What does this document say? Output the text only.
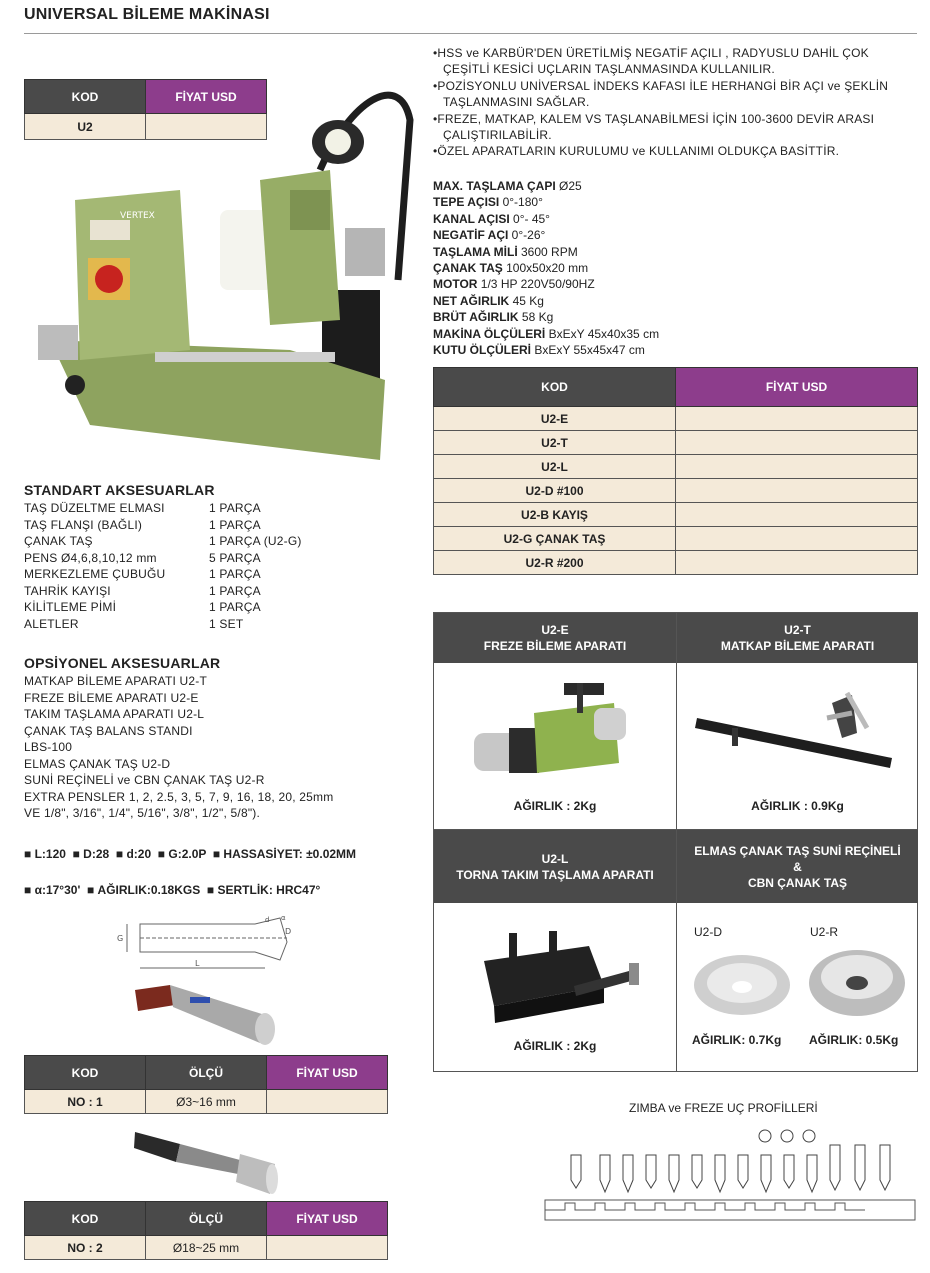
UNIVERSAL BİLEME MAKİNASI
KOD	FİYAT USD
U2	
VERTEX
•HSS ve KARBÜR'DEN ÜRETİLMİŞ NEGATİF AÇILI , RADYUSLU DAHİL ÇOK ÇEŞİTLİ KESİCİ UÇLARIN TAŞLANMASINDA KULLANILIR.
•POZİSYONLU UNİVERSAL İNDEKS KAFASI İLE HERHANGİ BİR AÇI ve ŞEKLİN TAŞLANMASINI SAĞLAR.
•FREZE, MATKAP, KALEM VS TAŞLANABİLMESİ İÇİN 100-3600 DEVİR ARASI ÇALIŞTIRILABİLİR.
•ÖZEL APARATLARIN KURULUMU ve KULLANIMI OLDUKÇA BASİTTİR.
MAX. TAŞLAMA ÇAPI Ø25
TEPE AÇISI 0°-180°
KANAL AÇISI 0°- 45°
NEGATİF AÇI 0°-26°
TAŞLAMA MİLİ 3600 RPM
ÇANAK TAŞ 100x50x20 mm
MOTOR 1/3 HP 220V50/90HZ
NET AĞIRLIK 45 Kg
BRÜT AĞIRLIK 58 Kg
MAKİNA ÖLÇÜLERİ BxExY 45x40x35 cm
KUTU ÖLÇÜLERİ BxExY 55x45x47 cm
KOD	FİYAT USD
U2-E	
U2-T	
U2-L	
U2-D #100	
U2-B KAYIŞ	
U2-G ÇANAK TAŞ	
U2-R #200	
STANDART AKSESUARLAR
TAŞ DÜZELTME ELMASI	1 PARÇA
TAŞ FLANŞI (BAĞLI)	1 PARÇA
ÇANAK TAŞ	1 PARÇA (U2-G)
PENS Ø4,6,8,10,12 mm	5 PARÇA
MERKEZLEME ÇUBUĞU	1 PARÇA
TAHRİK KAYIŞI	1 PARÇA
KİLİTLEME PİMİ	1 PARÇA
ALETLER	1 SET
OPSİYONEL AKSESUARLAR
MATKAP BİLEME APARATI U2-T
FREZE BİLEME APARATI U2-E
TAKIM TAŞLAMA APARATI U2-L
ÇANAK TAŞ BALANS STANDI
LBS-100
ELMAS ÇANAK TAŞ U2-D
SUNİ REÇİNELİ ve CBN ÇANAK TAŞ U2-R
EXTRA PENSLER 1, 2, 2.5, 3, 5, 7, 9, 16, 18, 20, 25mm
VE 1/8", 3/16", 1/4", 5/16", 3/8", 1/2", 5/8").
■ L:120  ■ D:28  ■ d:20  ■ G:2.0P  ■ HASSASİYET: ±0.02MM
■ α:17°30'  ■ AĞIRLIK:0.18KGS  ■ SERTLİK: HRC47°
G
L
D
d α
KOD	ÖLÇÜ	FİYAT USD
NO : 1	Ø3~16 mm	
KOD	ÖLÇÜ	FİYAT USD
NO : 2	Ø18~25 mm	
U2-E
FREZE BİLEME APARATI
AĞIRLIK : 2Kg
U2-T
MATKAP BİLEME APARATI
AĞIRLIK : 0.9Kg
U2-L
TORNA TAKIM TAŞLAMA APARATI
AĞIRLIK : 2Kg
ELMAS ÇANAK TAŞ SUNİ REÇİNELİ
&
CBN ÇANAK TAŞ
U2-D	U2-R
AĞIRLIK: 0.7Kg AĞIRLIK: 0.5Kg
ZIMBA ve FREZE UÇ PROFİLLERİ
